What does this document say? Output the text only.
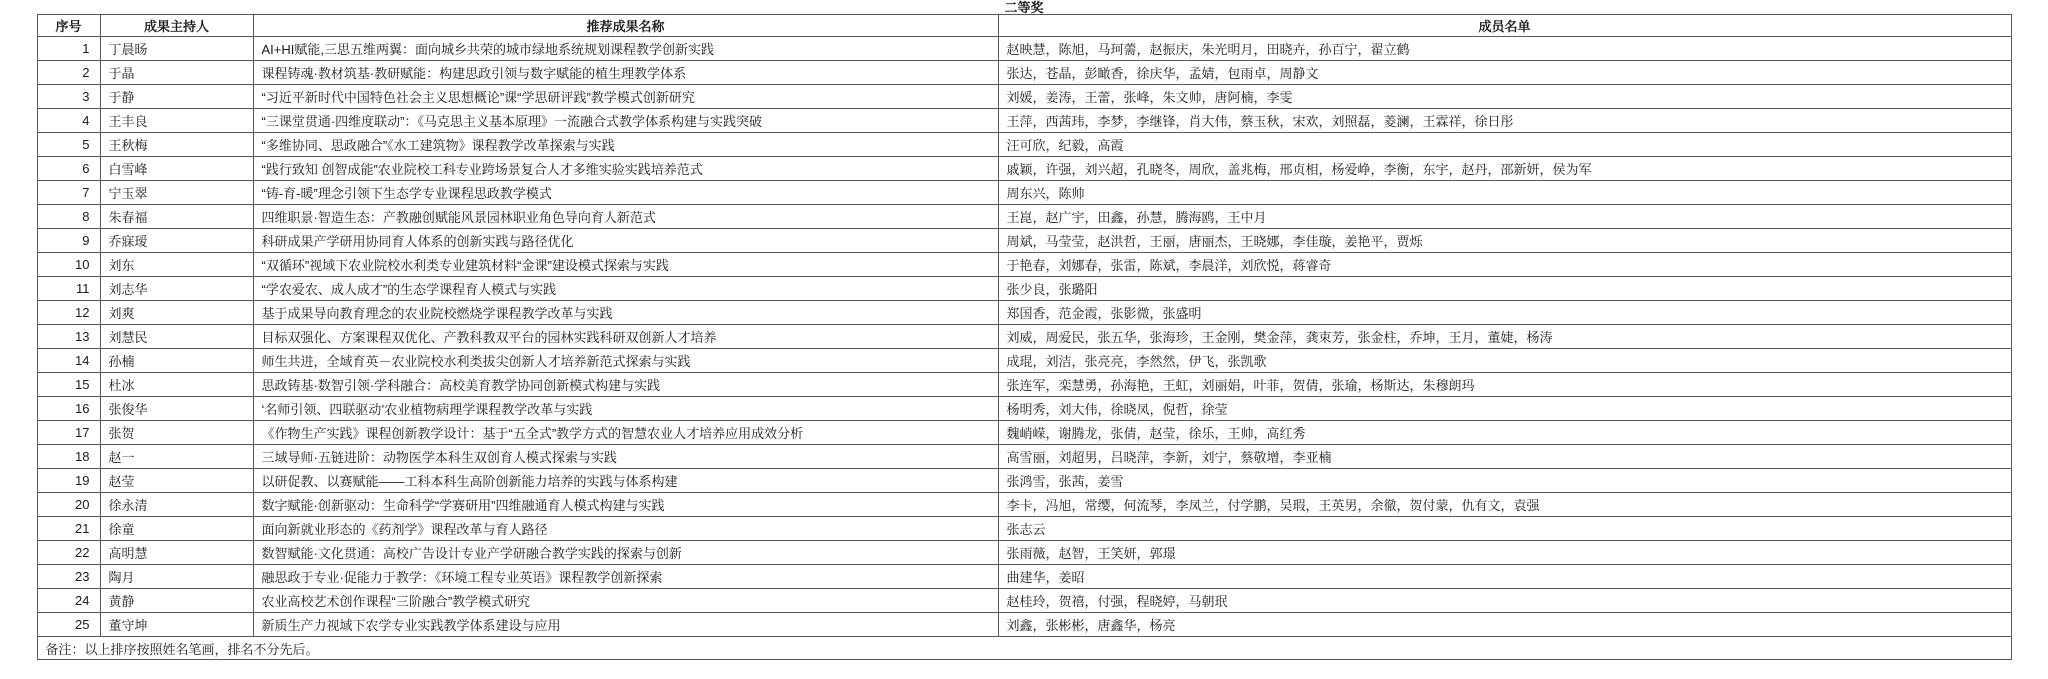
二等奖
序号	成果主持人	推荐成果名称	成员名单
1	丁晨旸	AI+HI赋能,三思五维两翼：面向城乡共荣的城市绿地系统规划课程教学创新实践	赵映慧，陈旭，马珂薷，赵振庆，朱光明月，田晓卉，孙百宁，翟立鹤
2	于晶	课程铸魂·教材筑基·教研赋能：构建思政引领与数字赋能的植生理教学体系	张达，苍晶，彭瞰香，徐庆华，孟婧，包雨卓，周静文
3	于静	“习近平新时代中国特色社会主义思想概论”课“学思研评践”教学模式创新研究	刘媛，姜涛，王蕾，张峰，朱文帅，唐阿楠，李雯
4	王丰良	“三课堂贯通·四维度联动”：《马克思主义基本原理》一流融合式教学体系构建与实践突破	王萍，西茜玮，李梦，李继锋，肖大伟，蔡玉秋，宋欢，刘照磊，菱澜，王霖祥，徐日彤
5	王秋梅	“多维协同、思政融合”《水工建筑物》课程教学改革探索与实践	汪可欣，纪毅，高霞
6	白雪峰	“践行致知 创智成能”农业院校工科专业跨场景复合人才多维实验实践培养范式	戚颖，许强，刘兴超，孔晓冬，周欣，盖兆梅，邢贞相，杨爱峥，李衡，东宇，赵丹，邵新妍，侯为军
7	宁玉翠	“铸-育-暖”理念引领下生态学专业课程思政教学模式	周东兴，陈帅
8	朱春福	四维职景·智造生态：产教融创赋能风景园林职业角色导向育人新范式	王崑，赵广宇，田鑫，孙慧，腾海鸥，王中月
9	乔寐瑷	科研成果产学研用协同育人体系的创新实践与路径优化	周斌，马莹莹，赵洪哲，王丽，唐丽杰，王晓娜，李佳璇，姜艳平，贾烁
10	刘东	“双循环”视域下农业院校水利类专业建筑材料“金课”建设模式探索与实践	于艳春，刘娜春，张雷，陈斌，李晨洋，刘欣悦，蒋睿奇
11	刘志华	“学农爱农、成人成才”的生态学课程育人模式与实践	张少良，张璐阳
12	刘爽	基于成果导向教育理念的农业院校燃烧学课程教学改革与实践	郑国香，范金霞，张影微，张盛明
13	刘慧民	目标双强化、方案课程双优化、产教科教双平台的园林实践科研双创新人才培养	刘威，周爱民，张五华，张海珍，王金刚，樊金萍，龚束芳，张金柱，乔坤，王月，董婕，杨涛
14	孙楠	师生共进，全域育英－农业院校水利类拔尖创新人才培养新范式探索与实践	成琨，刘洁，张亮亮，李然然，伊飞，张凯歌
15	杜冰	思政铸基·数智引领·学科融合：高校美育教学协同创新模式构建与实践	张连军，栾慧勇，孙海艳，王虹，刘丽娟，叶菲，贺倩，张瑜，杨斯达，朱穆朗玛
16	张俊华	‘名师引领、四联驱动’农业植物病理学课程教学改革与实践	杨明秀，刘大伟，徐晓凤，倪哲，徐莹
17	张贺	《作物生产实践》课程创新教学设计：基于“五全式”教学方式的智慧农业人才培养应用成效分析	魏峭嵘，谢腾龙，张倩，赵莹，徐乐，王帅，高红秀
18	赵一	三域导师·五链进阶：动物医学本科生双创育人模式探索与实践	高雪丽，刘超男，吕晓萍，李新，刘宁，蔡敬增，李亚楠
19	赵莹	以研促教、以赛赋能——工科本科生高阶创新能力培养的实践与体系构建	张鸿雪，张茜，姜雪
20	徐永清	数字赋能·创新驱动：生命科学“学赛研用”四维融通育人模式构建与实践	李卡，冯旭，常缨，何流琴，李凤兰，付学鹏，吴瑕，王英男，余徹，贺付蒙，仇有文，袁强
21	徐童	面向新就业形态的《药剂学》课程改革与育人路径	张志云
22	高明慧	数智赋能·文化贯通：高校广告设计专业产学研融合教学实践的探索与创新	张雨薇，赵智，王笑妍，郭璟
23	陶月	融思政于专业·促能力于教学：《环境工程专业英语》课程教学创新探索	曲建华，姜昭
24	黄静	农业高校艺术创作课程“三阶融合”教学模式研究	赵桂玲，贺禧，付强，程晓婷，马朝珉
25	董守坤	新质生产力视域下农学专业实践教学体系建设与应用	刘鑫，张彬彬，唐鑫华，杨亮
备注：以上排序按照姓名笔画，排名不分先后。			
